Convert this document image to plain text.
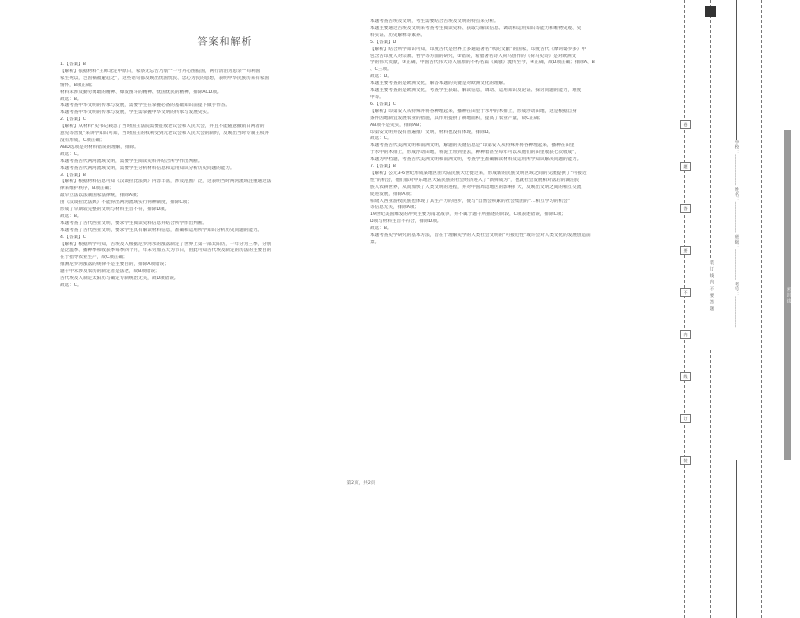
答案和解析

1.【答案】B

【解析】依据材料“王师北定中原日，家祭无忘告乃翁”“一寸丹心图报国，两行清泪为思亲”“苟利国

家生死以，岂因祸福避趋之”，这些语句都反映出忧国忧民、忠心为民的思想，表明中华民族历来有家国

情怀，B项正确；

材料未涉及勤劳勇敢的精神、爆发图斗的精神、忧国忧民的精神，排除ACD项。

故选：B。

本题考查中华文明的传承与发展，需要学生在掌握必备的基础知识前提下做手作答。

本题考查中华文明的传承与发展，学生需掌握中华文明的传承与发展史实。

2.【答案】C

【解析】从材料“史书记载忽了当时国王法院需要征收老议会和人民大会，并且不能随意撤销日两者的

意见等害复”来讲学知识可知，当时国王的权利受到元老议会和人民大会的制约，反映出当时专制王权并

没有形成，C项正确；

ABD选项是对材料错误的理解，排除。

故选：C。

本题考查古代两河流域文明，需要学生阅读史料并结合所学作出判断。

本题考查古代两河流域文明，需要学生分析材料信息和运用知识分析历史问题的能力。

3.【答案】B

【解析】根据材料信息可知《汉谟拉比法典》内容丰富，涉及范围广泛，这表明当时两河流域注重通过法

律来维护秩序，B项正确；

最早立法以法制国家法律统，排除A项；

由《汉谟拉比法典》不能得出两河流域实行何种制度，排除C项；

形成了早期较完整的文明与材料主旨不符，排除D项。

故选：B。

本题考查了古代西亚文明，要求学生阅读史料信息并结合所学作出判断。

本题考查了古代西亚文明，要求学生具有解读材料信息，准确和运用所学知识分析历史问题的能力。

4.【答案】C

【解析】根据所学可知，古埃及人根据尼罗河水的涨落制定了世界上第一部太阳历，一年分为三季，分别

是泛滥季、播种季和收获季每季四个月，年末另加五天为节日，由此可知古代埃及制定的历法的主要目的

在于指导农业生产，故C项正确；

推测尼罗河涨落的规律不是主要目的，排除A项错误；

题干中未涉及农历的制定者是法老，故B项错误；

古代埃及人制定太阳历与确定专制统治无关，故D项错误。

故选：C。

本题考查古埃及文明，考生需要结合古埃及文明的特点来分析。

本题主要通过古埃及文明来考查考生阅读史料、获取与解读信息、调动和运用知识等能力和唯物史观、史

料实证、历史解释等素养。

5.【答案】D

【解析】结合所学知识可知，印度古代是世界上多通道著名“吠陀文献”的国家，印度古代《摩诃婆罗多》中

包含古印度人对宗教、哲学等方面的研究，②错误，希腊著名诗人荷马创作的《荷马史诗》是对欧洲文

学的伟大贡献，③正确，中国古代伟大诗人屈原的不朽名篇《离骚》流传至今，④正确，故D项正确；排除A、B

、C三项。

故选：D。

本题主要考查的是欧洲文化，解答本题的关键是对欧洲文化的理解。

本题主要考查的是欧洲文化，考查学生获取、解读信息，调动、运用知识及论证、探讨问题的能力，难度

中等。

6.【答案】C

【解析】印第安人从特殊并将谷种埋起来，播种在田里于水中的木排上，形成浮动田地，这是根据自身

条件因地制宜发展农业的措施，其作用提供了耕地面积，提高了农业产量，故C正确；

AB项不是史实，排除AB；

印第安文明并没有普遍推广文明，材料也没有体现，排除D。

故选：C。

本题考查古代美洲文明和南洲文明，解题的关键信息是“印第安人从特殊并将谷种埋起来，播种在田里

于水中的木排上，形成浮动田地，将泥土带到里去，种种着甚至每年可以从他们的田里收获七次收成”，

本题为中档题，考查古代美洲文明和南洲文明，考查学生准确解读材料及运用所学知识解决问题的能力。

7.【答案】B

【解析】公元3-6世纪形成某地区由大陆民族大迁徙过来，形成新的民族文明区域之间的交流提供了“可接近

性”的机会，他们都对中东地区大陆民族的社会经济进入了“新鲜成为”，也就社会发展相对落后的湖泊民

族人农耕世界，从而加快了人类文明的进程，并对中国周边地区的影响扩大，反映出文明之间的相互交流

促进发展，排除A项；

柏琉人西亚游牧民族也体现了其生产力的进步，使与“自然会积累的社会集团的”…相互学习的机会”

等信息无关，排除A项；

19世纪美国爆发的冲突主要为南北战争，并不属于题干所描述的阶段，C项表述错误，排除C项；

D项与材料主旨不符合，排除D项。

故选：B。

本题考查史学研究的基本方法，旨在于理解史学的人类社会文明的“可接近性”或许会对人类文化的发展创造前

景。

第2页，共2页
卷
题
答
要
不
内
线
订
装
装 订 线 内 不 要 答 题	学校：____________ 姓名：____________ 班级：____________ 考号：____________	密 封 线
